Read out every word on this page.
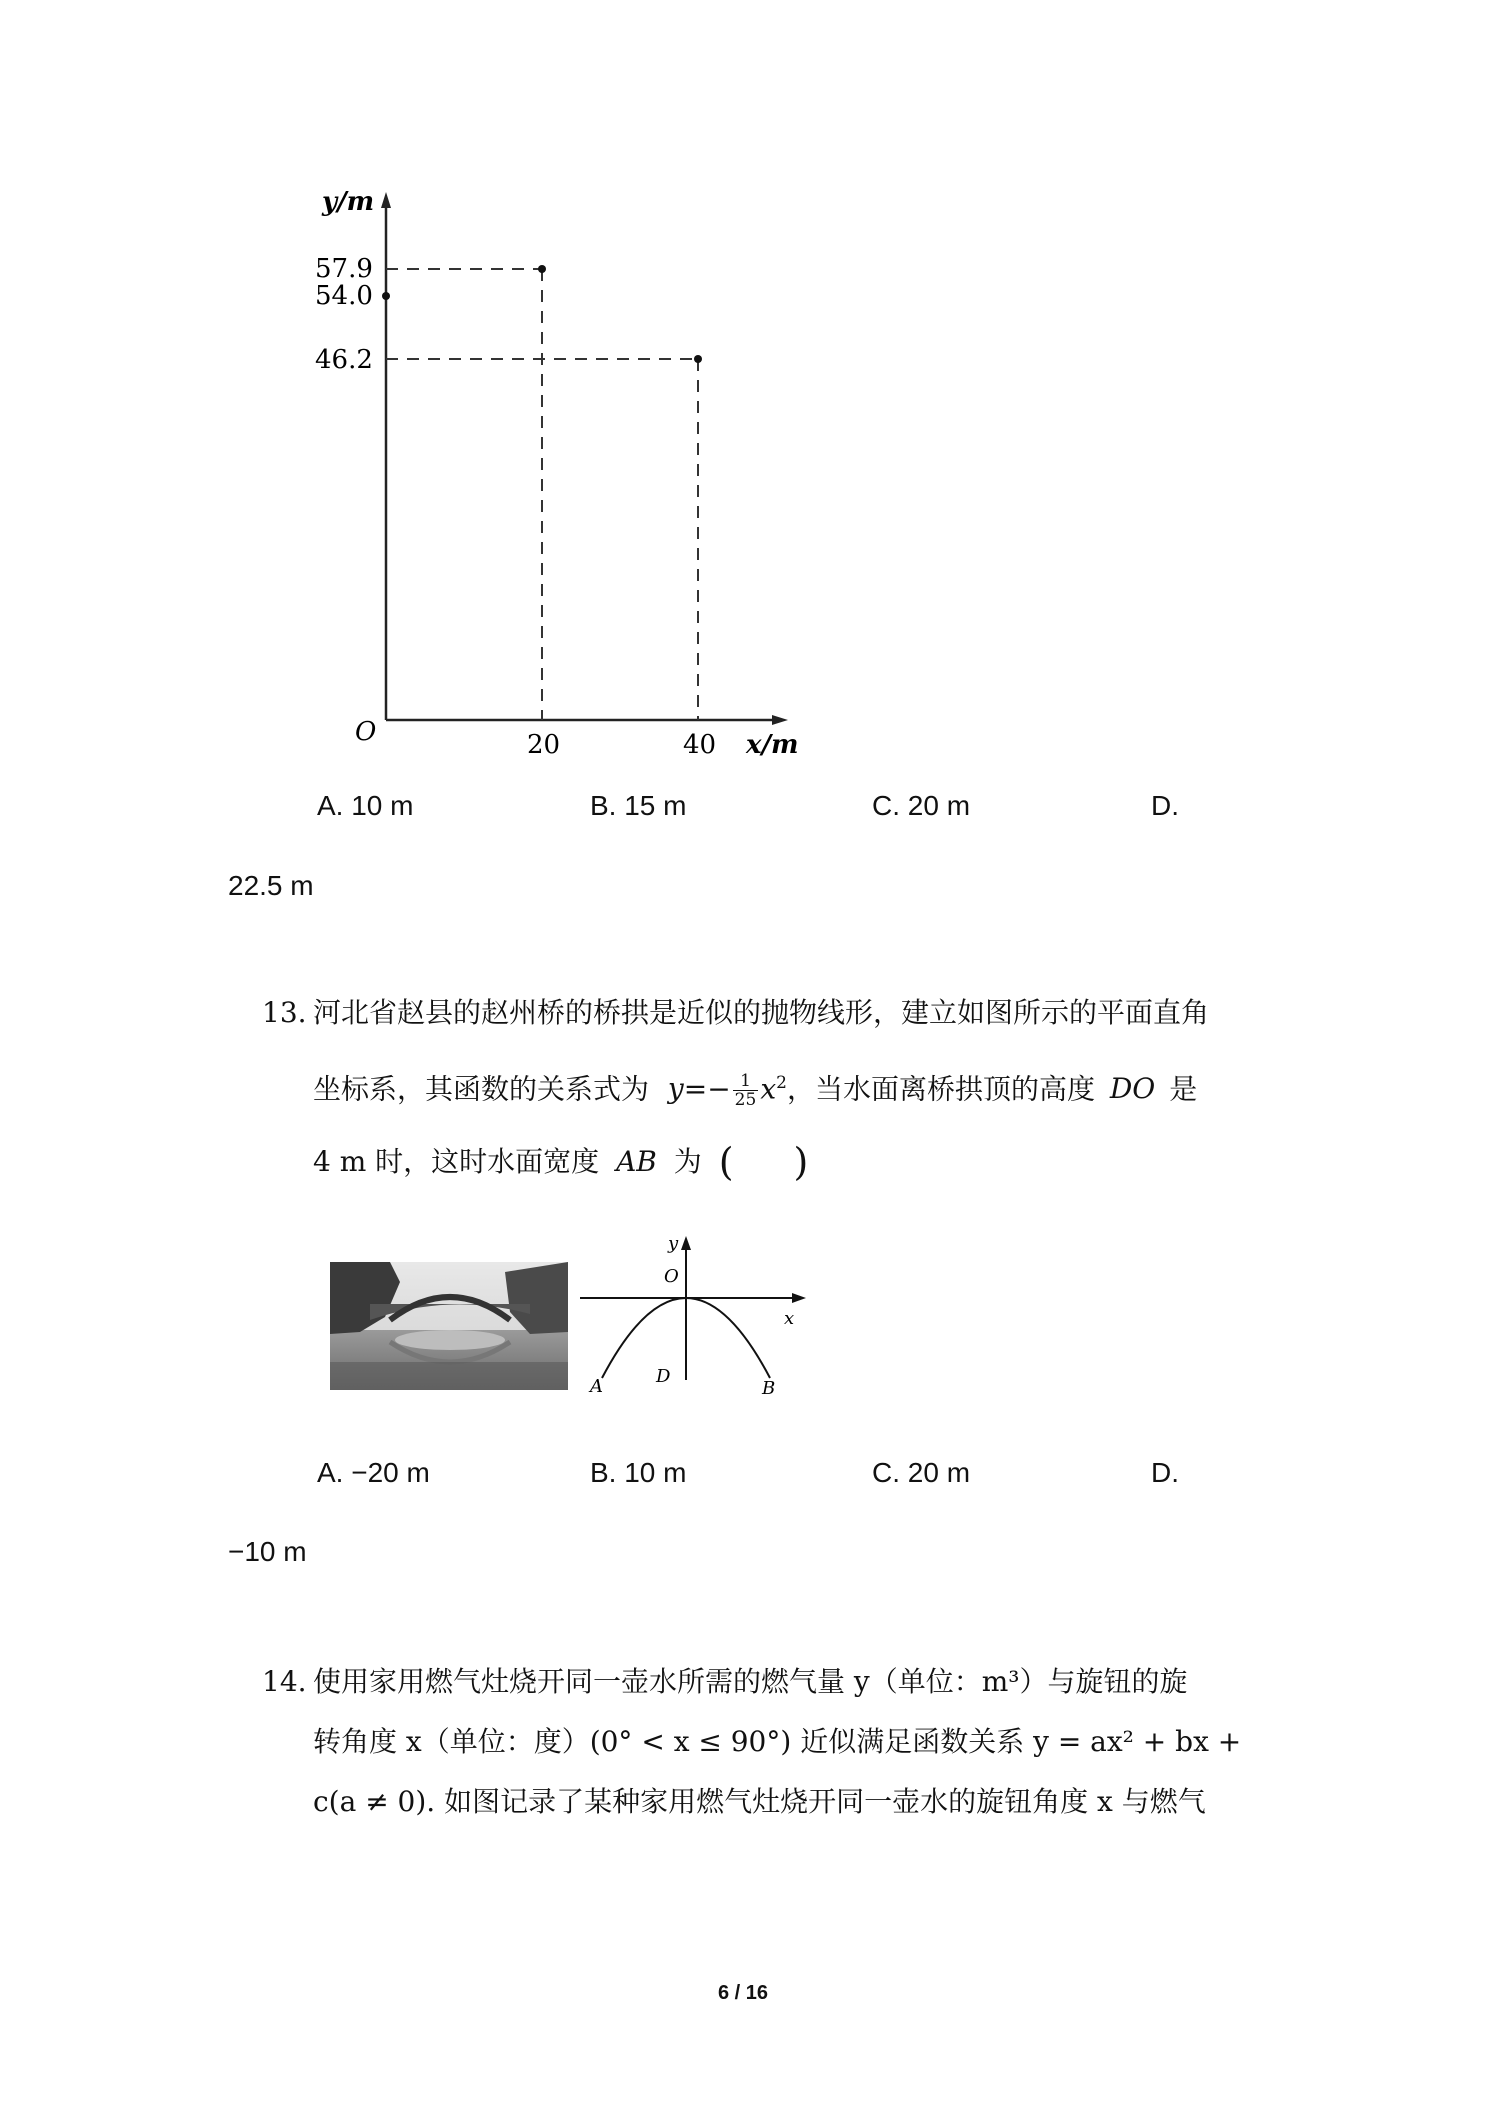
y/m
57.9
54.0
46.2
O	20	40 x/m
A. 10 m	B. 15 m	C. 20 m	D.
22.5 m
13. 河北省赵县的赵州桥的桥拱是近似的抛物线形，建立如图所示的平面直角
坐标系，其函数的关系式为 $y=- \frac{1}{25} x^2$，当水面离桥拱顶的高度 DO 是
4 m 时，这时水面宽度 AB 为 ( )
y
O
x
D
A	B
A. −20 m	B. 10 m	C. 20 m	D.
−10 m
14. 使用家用燃气灶烧开同一壶水所需的燃气量 y（单位：m³）与旋钮的旋
转角度 x（单位：度）(0° < x ≤ 90°) 近似满足函数关系 y = ax² + bx +
c(a ≠ 0). 如图记录了某种家用燃气灶烧开同一壶水的旋钮角度 x 与燃气
6 / 16
